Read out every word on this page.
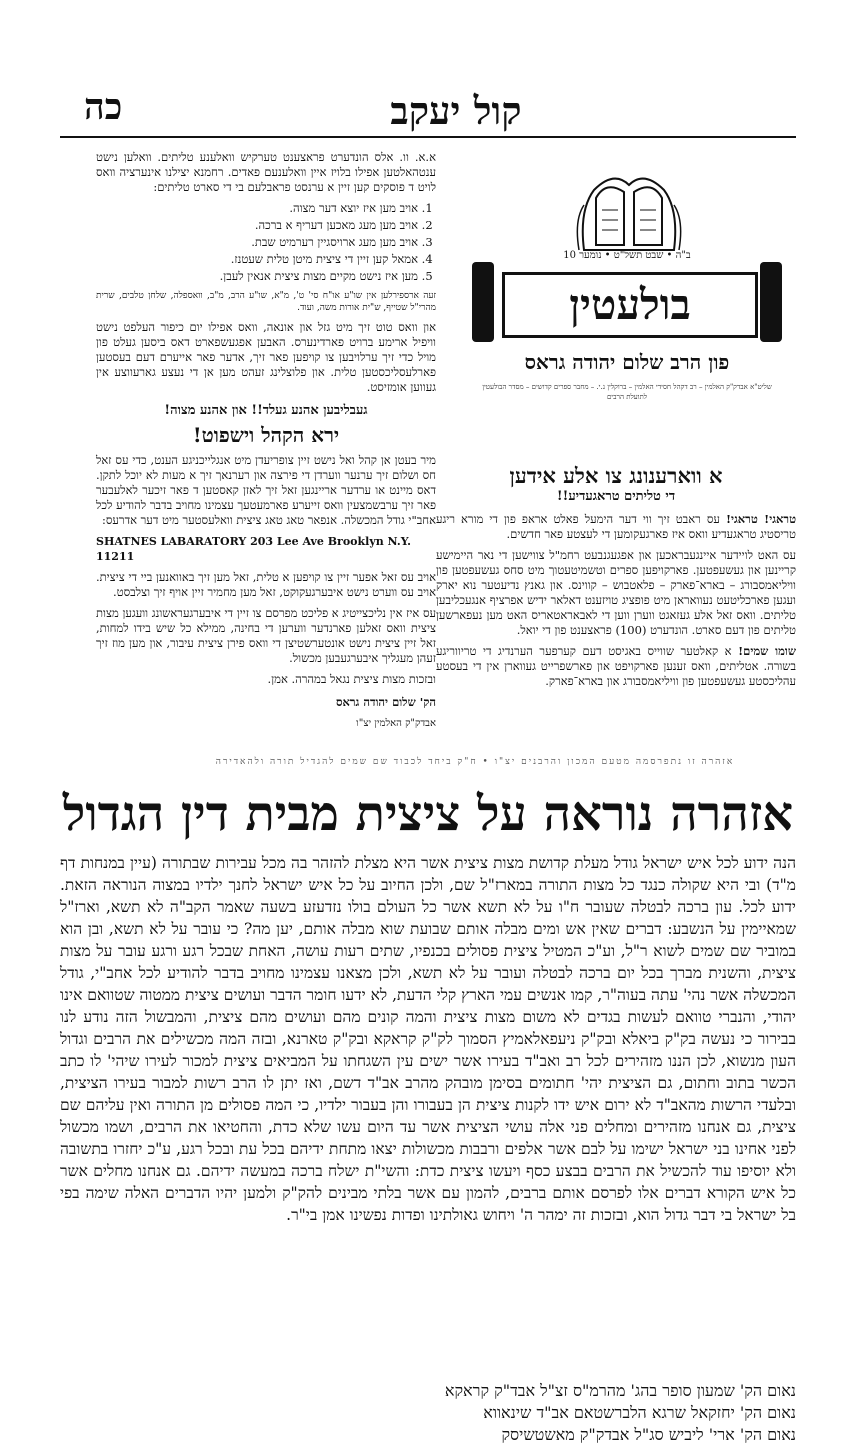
קול יעקב
כה

א.א. וו. אלס הונדערט פראצענט טערקיש וואלענע טליתים. וואלען נישט ענטהאלטען אפילו בלויז איין וואלענעם פאדים. רחמנא יצילנו אינערציה וואס לויט ד פוסקים קען זיין א ערנסט פראבלעם בי די סארט טליתים:

1. אויב מען איז יוצא דער מצוה.
2. אויב מען מעג מאכען דעריף א ברכה.
3. אויב מען מעג ארויסגיין רערמיט שבת.
4. אמאל קען זיין די ציצית מיטן טלית שעטנז.
5. מען איז נישט מקיים מצות ציצית אנאין לעבן.

זעה ארספירלען אין שו"ע או"ח סי' ט', מ"א, שו"ע הרב, מ"ב, וואספלה, שלחן טלבים, שרית מהרי"ל שטייף, ש"ית אורות משה, ועוד.

און וואס טוט זיך מיט גזל און אונאה, וואס אפילו יום כיפור העלפט נישט וויפיל ארימע ברויט פארדינערס. האבען אפגעשפארט דאס ביסען געלט פון מויל כדי זיך ערלויבען צו קויפען פאר זיך, אדער פאר אייערם דעם בעסטען פארלעסליכסטען טלית. און פלוצלינג זעהט מען אן די נעצע גארעווצע אין געווען אומזיסט.

געבליבען אהנע געלד!! און אהנע מצוה!

ירא הקהל וישפוט!

מיר בעטן אן קהל ואל נישט זיין צופריעדן מיט אנגלייכניגע הענט, כדי עס זאל חס ושלום זיך ערנער ווערדן די פירצה און רערנאך זיך א מעות לא יוכל לתקן. דאס מיינט או ערדער אריינגען זאל זיך לאזן קאסטען ד פאר זיכער לאלעבער פאר זיך ערבשמצעין וואס זייערע פארמעטעך עצמינו מחויב בדבר להודיע לכל אחב"י גודל המכשלה. אנפאר טאג טאג ציצית וואלעסטער מיט דער אדרעס:

SHATNES LABARATORY 203 Lee Ave Brooklyn N.Y. 11211

אויב עס זאל אפער זיין צו קויפען א טלית, זאל מען זיך באוואנען ביי די ציצית. אויב עס ווערט נישט איבערגעקוקט, זאל מען מחמיר זיין אויף זיך וצלבסט.

עס איז אין נליכצייטיג א פליכט מפרסם צו זיין די איבערגעראשונג וועגען מצות ציצית וואס זאלען פארנדער ווערען די בחינה, ממילא כל שיש בידו למחות, זאל זיין ציצית נישט אונטערשטיצן די וואס פירן ציצית עיבור, און מען מוז זיך זעהן מעגליך איבערגעבען מכשול.

ובזכות מצות ציצית נגאל במהרה. אמן.

הק' שלום יהודה גראס

אבדק"ק האלמין יצ"ו

בולעטין
ב"ה • שבט תשל"ט • נומער 10
פון הרב שלום יהודה גראס
שליט"א אבדק"ק האלמין – רב דקהל חסידי האלמין – ברוקלין נ.י. – מחבר ספרים קדושים – מסדר הבולעטין לתועלת הרבים
א ווארענונג צו אלע אידען
די טליתים טראגעדיע!!

טראגי! טראגי! עס ראבט זיך ווי דער הימעל פאלט אראפ פון די מורא ריגע טריסטיג טראגעדיע וואס איז פארגעקומען די לעצטע פאר חדשים.

עס האט לויידער איינגעבראכען און אפגעגנבעט רחמ"ל צווישען די נאר היימישע קריינען און געשעפטען. פארקויפען ספרים וטשמיטעטוך מיט סחס געשעפטען פון וויליאמסבורג – בארא־פארק – פלאטבוש – קווינס. און גאנץ נדיעטער נוא יארק ועגען פארכליטעט נעוואראן מיט פופציג טויזענט דאלאר ידיש אפרציף אנגעכליבען טליתים. וואס זאל אלע געזאגט ווערן ווען די לאבאראטאריס האט מען נעפארשען טליתים פון דעם סארט. הונדערט (100) פראצענט פון די יואל.

שומו שמים! א קאלטער שווייס באגיסט דעם קערפער הערנדיג די טריווריגע בשורה. אטליתים, וואס זענען פארקויפט און פארשפרייט געווארן אין די בעסטע עהליכסטע געשעפטען פון וויליאמסבורג און בארא־פארק.

אזהרה זו נתפרסמה מטעם המכון והרבנים יצ"ו • ח"ק ביחד לכבוד שם שמים להגדיל תורה ולהאדירה
אזהרה נוראה על ציצית מבית דין הגדול

הנה ידוע לכל איש ישראל גודל מעלת קדושת מצות ציצית אשר היא מצלת להזהר בה מכל עבירות שבתורה (עיין במנחות דף מ"ד) ובי היא שקולה כנגד כל מצות התורה במארז"ל שם, ולכן החיוב על כל איש ישראל לחנך ילדיו במצוה הנוראה הזאת. ידוע לכל. עון ברכה לבטלה שעובר ח"ו על לא תשא אשר כל העולם בולו נזדעזע בשעה שאמר הקב"ה לא תשא, וארז"ל שמאיימין על הנשבע: דברים שאין אש ומים מבלה אותם שבועת שוא מבלה אותם, יען מה? כי עובר על לא תשא, ובן הוא במוביר שם שמים לשוא ר"ל, וע"כ המטיל ציצית פסולים בכנפיו, שתים רעות עושה, האחת שבכל רגע ורגע עובר על מצות ציצית, והשנית מברך בכל יום ברכה לבטלה ועובר על לא תשא, ולכן מצאנו עצמינו מחויב בדבר להודיע לכל אחב"י, גודל המכשלה אשר נהי' עתה בעוה"ר, קמו אנשים עמי הארץ קלי הדעת, לא ידעו חומר הדבר ועושים ציצית ממטוה שטוואם אינו יהודי, והנברי טוואם לעשות בגדים לא משום מצות ציצית והמה קונים מהם ועושים מהם ציצית, והמבשול הזה נודע לנו בבירור כי נעשה בק"ק ביאלא ובק"ק ניעפאלאמיץ הסמוך לק"ק קראקא ובק"ק טארנא, ובזה המה מכשילים את הרבים וגדול העון מנשוא, לכן הננו מזהירים לכל רב ואב"ד בעירו אשר ישים עין השגחתו על המביאים ציצית למכור לעירו שיהי' לו כתב הכשר בתוב וחתום, גם הציצית יהי' חתומים בסימן מובהק מהרב אב"ד דשם, ואז יתן לו הרב רשות למבור בעירו הציצית, ובלעדי הרשות מהאב"ד לא ירום איש ידו לקנות ציצית הן בעבורו והן בעבור ילדיו, כי המה פסולים מן התורה ואין עליהם שם ציצית, גם אנחנו מזהירים ומחלים פני אלה עושי הציצית אשר עד היום עשו שלא כדת, והחטיאו את הרבים, ושמו מכשול לפני אחינו בני ישראל ישימו על לבם אשר אלפים ורבבות מכשולות יצאו מתחת ידיהם בכל עת ובכל רגע, ע"כ יחזרו בתשובה ולא יוסיפו עוד להכשיל את הרבים בבצע כסף ויעשו ציצית כדת: והשי"ת ישלח ברכה במעשה ידיהם. גם אנחנו מחלים אשר כל איש הקורא דברים אלו לפרסם אותם ברבים, להמון עם אשר בלתי מבינים להק"ק ולמען יהיו הדברים האלה שימה בפי בל ישראל בי דבר גדול הוא, ובזכות זה ימהר ה' ויחוש גאולתינו ופדות נפשינו אמן בי"ר.

נאום הק' שמעון סופר בהג' מהרמ"ס זצ"ל אבד"ק קראקא
נאום הק' יחזקאל שרגא הלברשטאם אב"ד שינאווא
נאום הק' ארי' ליביש סג"ל אבדק"ק מאשטשיסק
